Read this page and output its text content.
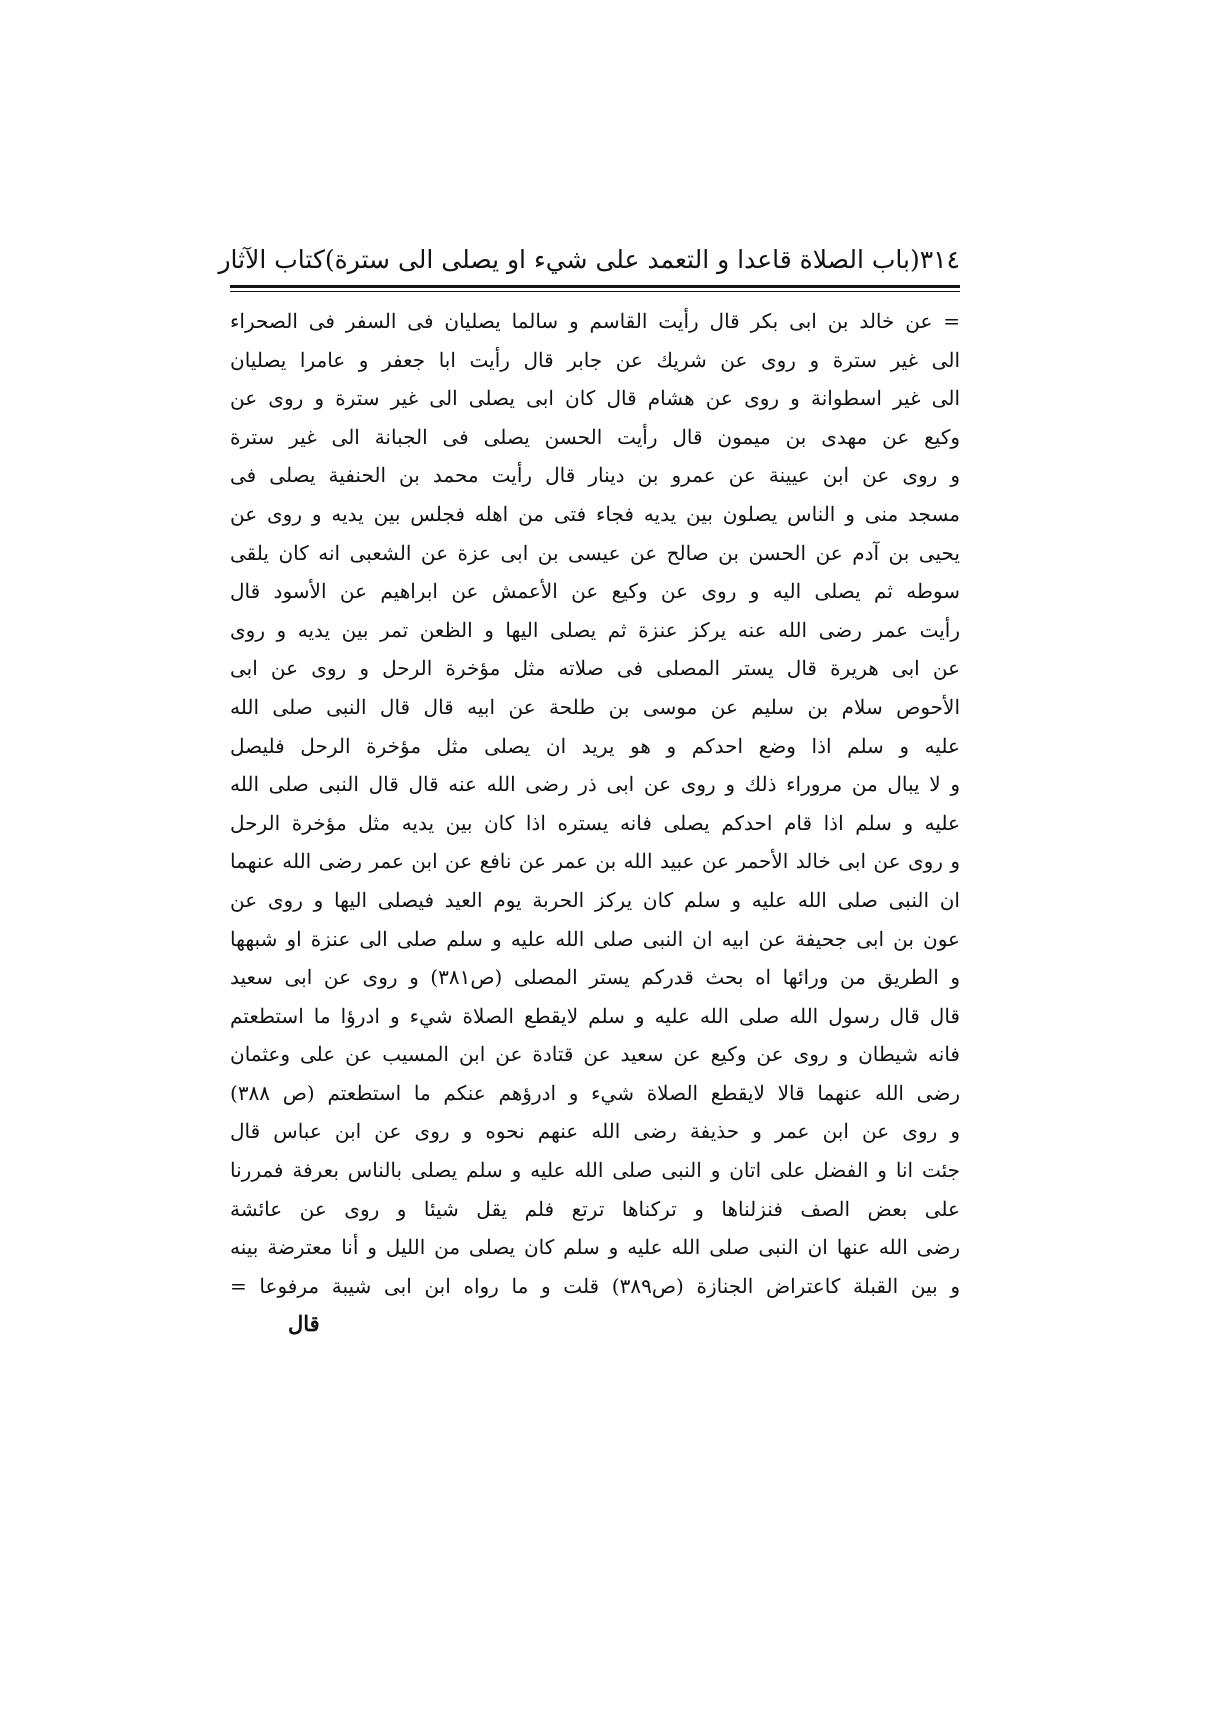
٣١٤
(باب الصلاة قاعدا و التعمد على شيء او يصلى الى سترة)
كتاب الآثار
= عن خالد بن ابى بكر قال رأيت القاسم و سالما يصليان فى السفر فى الصحراء
الى غير سترة و روى عن شريك عن جابر قال رأيت ابا جعفر و عامرا يصليان
الى غير اسطوانة و روى عن هشام قال كان ابى يصلى الى غير سترة و روى عن
وكيع عن مهدى بن ميمون قال رأيت الحسن يصلى فى الجبانة الى غير سترة
و روى عن ابن عيينة عن عمرو بن دينار قال رأيت محمد بن الحنفية يصلى فى
مسجد منى و الناس يصلون بين يديه فجاء فتى من اهله فجلس بين يديه و روى عن
يحيى بن آدم عن الحسن بن صالح عن عيسى بن ابى عزة عن الشعبى انه كان يلقى
سوطه ثم يصلى اليه و روى عن وكيع عن الأعمش عن ابراهيم عن الأسود قال
رأيت عمر رضى الله عنه يركز عنزة ثم يصلى اليها و الظعن تمر بين يديه و روى
عن ابى هريرة قال يستر المصلى فى صلاته مثل مؤخرة الرحل و روى عن ابى
الأحوص سلام بن سليم عن موسى بن طلحة عن ابيه قال قال النبى صلى الله
عليه و سلم اذا وضع احدكم و هو يريد ان يصلى مثل مؤخرة الرحل فليصل
و لا يبال من مروراء ذلك و روى عن ابى ذر رضى الله عنه قال قال النبى صلى الله
عليه و سلم اذا قام احدكم يصلى فانه يستره اذا كان بين يديه مثل مؤخرة الرحل
و روى عن ابى خالد الأحمر عن عبيد الله بن عمر عن نافع عن ابن عمر رضى الله عنهما
ان النبى صلى الله عليه و سلم كان يركز الحربة يوم العيد فيصلى اليها و روى عن
عون بن ابى جحيفة عن ابيه ان النبى صلى الله عليه و سلم صلى الى عنزة او شبهها
و الطريق من ورائها اه بحث قدركم يستر المصلى (ص٣٨١) و روى عن ابى سعيد
قال قال رسول الله صلى الله عليه و سلم لايقطع الصلاة شيء و ادرؤا ما استطعتم
فانه شيطان و روى عن وكيع عن سعيد عن قتادة عن ابن المسيب عن على وعثمان
رضى الله عنهما قالا لايقطع الصلاة شيء و ادرؤهم عنكم ما استطعتم (ص ٣٨٨)
و روى عن ابن عمر و حذيفة رضى الله عنهم نحوه و روى عن ابن عباس قال
جئت انا و الفضل على اتان و النبى صلى الله عليه و سلم يصلى بالناس بعرفة فمررنا
على بعض الصف فنزلناها و تركناها ترتع فلم يقل شيئا و روى عن عائشة
رضى الله عنها ان النبى صلى الله عليه و سلم كان يصلى من الليل و أنا معترضة بينه
و بين القبلة كاعتراض الجنازة (ص٣٨٩) قلت و ما رواه ابن ابى شيبة مرفوعا =
قال
